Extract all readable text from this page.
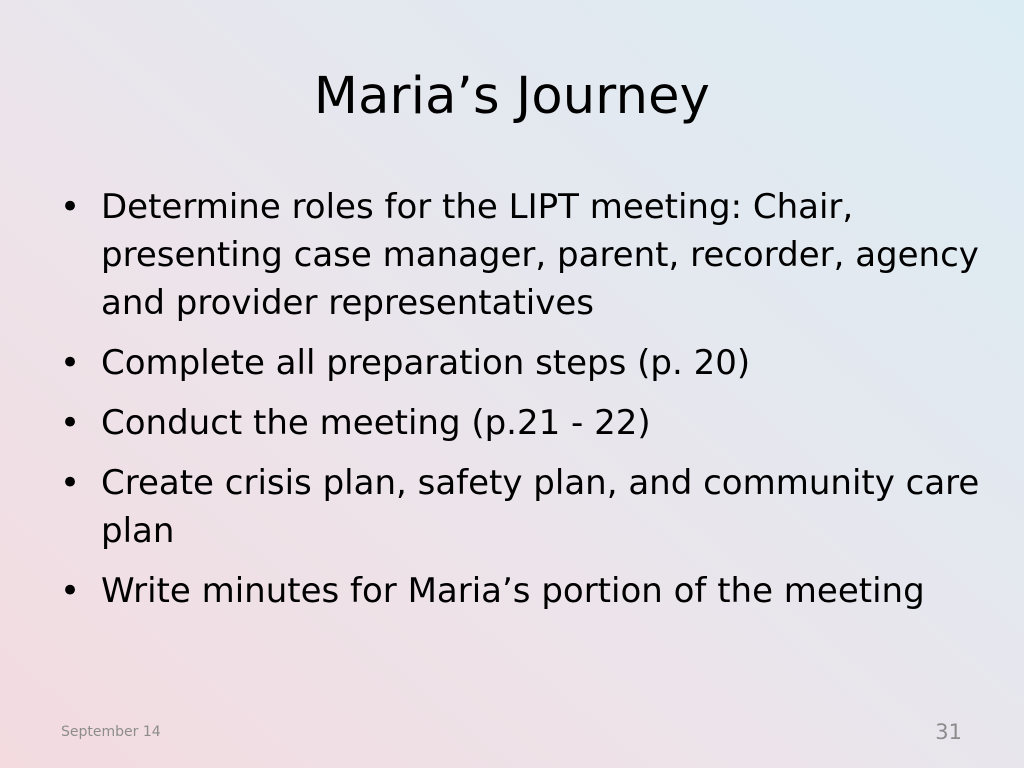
Maria’s Journey
• Determine roles for the LIPT meeting: Chair, presenting case manager, parent, recorder, agency and provider representatives
• Complete all preparation steps (p. 20)
• Conduct the meeting (p.21 - 22)
• Create crisis plan, safety plan, and community care plan
• Write minutes for Maria’s portion of the meeting
September 14	31
